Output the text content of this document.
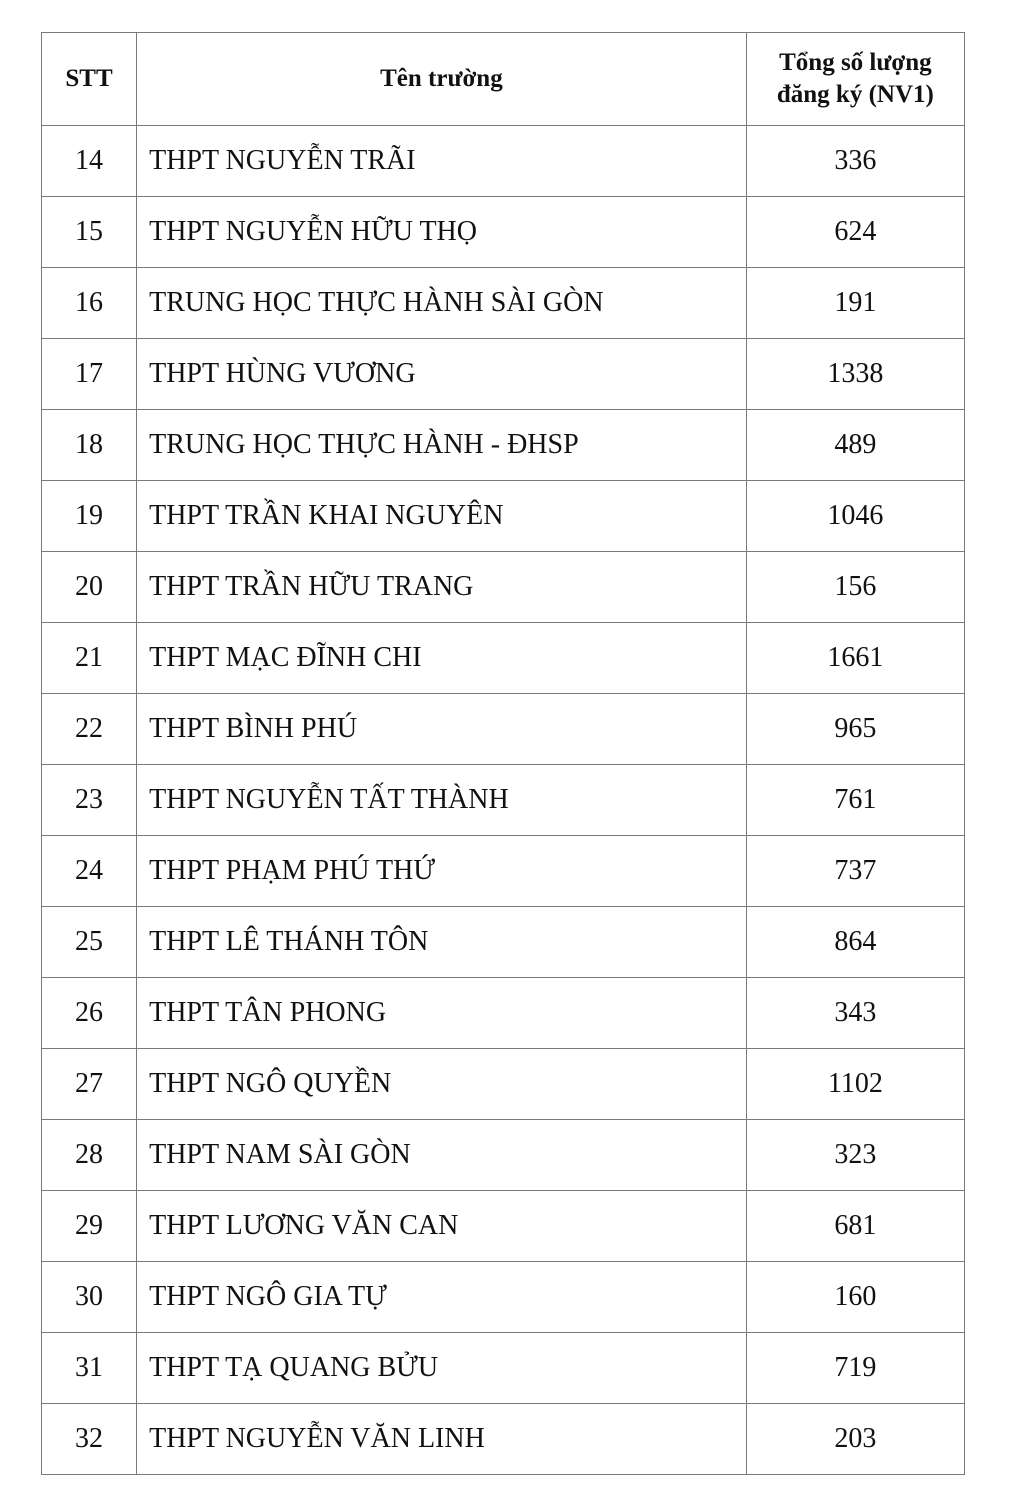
STT	Tên trường	Tổng số lượng
đăng ký (NV1)

14	THPT NGUYỄN TRÃI	336
15	THPT NGUYỄN HỮU THỌ	624
16	TRUNG HỌC THỰC HÀNH SÀI GÒN	191
17	THPT HÙNG VƯƠNG	1338
18	TRUNG HỌC THỰC HÀNH - ĐHSP	489
19	THPT TRẦN KHAI NGUYÊN	1046
20	THPT TRẦN HỮU TRANG	156
21	THPT MẠC ĐĨNH CHI	1661
22	THPT BÌNH PHÚ	965
23	THPT NGUYỄN TẤT THÀNH	761
24	THPT PHẠM PHÚ THỨ	737
25	THPT LÊ THÁNH TÔN	864
26	THPT TÂN PHONG	343
27	THPT NGÔ QUYỀN	1102
28	THPT NAM SÀI GÒN	323
29	THPT LƯƠNG VĂN CAN	681
30	THPT NGÔ GIA TỰ	160
31	THPT TẠ QUANG BỬU	719
32	THPT NGUYỄN VĂN LINH	203
